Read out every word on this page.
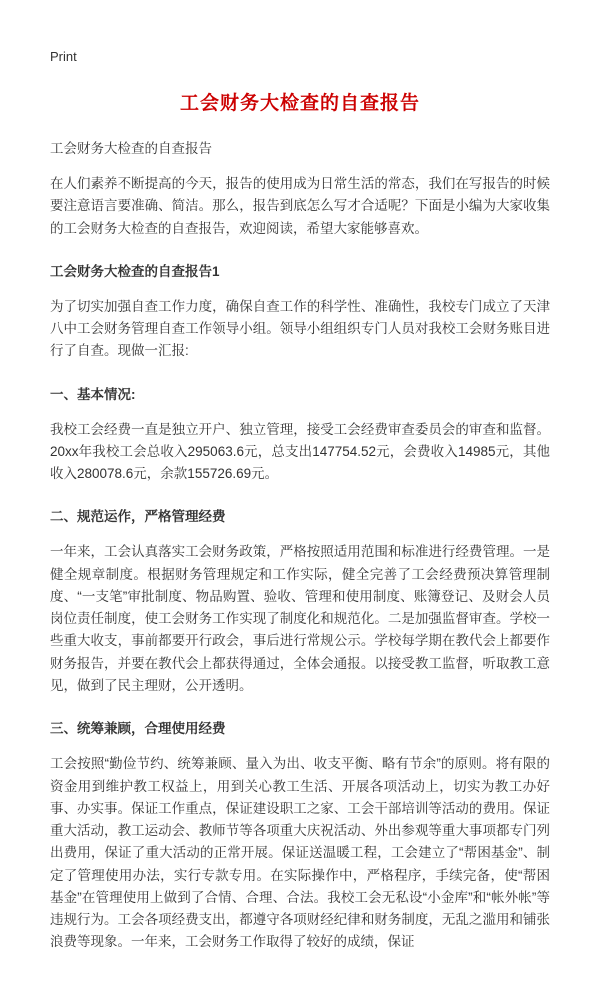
Print
工会财务大检查的自查报告
工会财务大检查的自查报告

在人们素养不断提高的今天，报告的使用成为日常生活的常态，我们在写报告的时候要注意语言要准确、简洁。那么，报告到底怎么写才合适呢？下面是小编为大家收集的工会财务大检查的自查报告，欢迎阅读，希望大家能够喜欢。

工会财务大检查的自查报告1

为了切实加强自查工作力度，确保自查工作的科学性、准确性，我校专门成立了天津八中工会财务管理自查工作领导小组。领导小组组织专门人员对我校工会财务账目进行了自查。现做一汇报:

一、基本情况:

我校工会经费一直是独立开户、独立管理，接受工会经费审查委员会的审查和监督。20xx年我校工会总收入295063.6元，总支出147754.52元，会费收入14985元，其他收入280078.6元，余款155726.69元。

二、规范运作，严格管理经费

一年来，工会认真落实工会财务政策，严格按照适用范围和标准进行经费管理。一是健全规章制度。根据财务管理规定和工作实际，健全完善了工会经费预决算管理制度、“一支笔”审批制度、物品购置、验收、管理和使用制度、账簿登记、及财会人员岗位责任制度，使工会财务工作实现了制度化和规范化。二是加强监督审查。学校一些重大收支，事前都要开行政会，事后进行常规公示。学校每学期在教代会上都要作财务报告，并要在教代会上都获得通过，全体会通报。以接受教工监督，听取教工意见，做到了民主理财，公开透明。

三、统筹兼顾，合理使用经费

工会按照“勤俭节约、统筹兼顾、量入为出、收支平衡、略有节余”的原则。将有限的资金用到维护教工权益上，用到关心教工生活、开展各项活动上，切实为教工办好事、办实事。保证工作重点，保证建设职工之家、工会干部培训等活动的费用。保证重大活动，教工运动会、教师节等各项重大庆祝活动、外出参观等重大事项都专门列出费用，保证了重大活动的正常开展。保证送温暖工程，工会建立了“帮困基金”、制定了管理使用办法，实行专款专用。在实际操作中，严格程序，手续完备，使“帮困基金”在管理使用上做到了合情、合理、合法。我校工会无私设“小金库”和“帐外帐”等违规行为。工会各项经费支出，都遵守各项财经纪律和财务制度，无乱之滥用和铺张浪费等现象。一年来，工会财务工作取得了较好的成绩，保证
